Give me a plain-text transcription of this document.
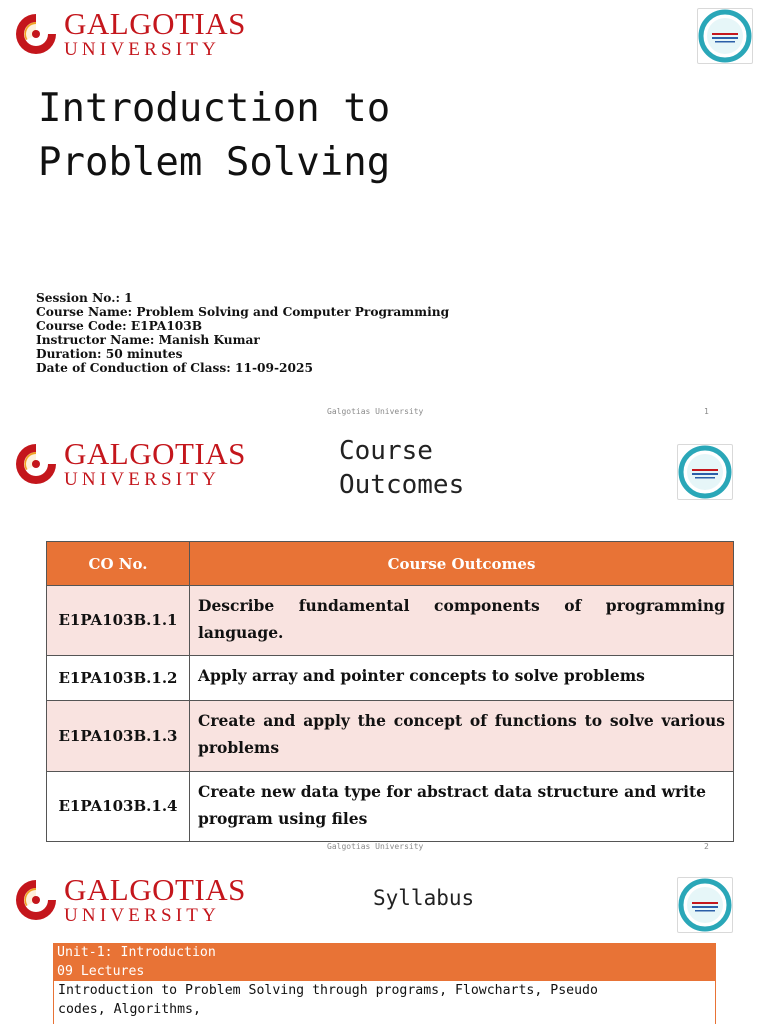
GALGOTIAS
UNIVERSITY
Introduction to
Problem Solving
Session No.: 1
Course Name: Problem Solving and Computer Programming
Course Code: E1PA103B
Instructor Name: Manish Kumar
Duration: 50 minutes
Date of Conduction of Class: 11-09-2025
Galgotias University	1
GALGOTIAS
UNIVERSITY
Course
Outcomes
CO No.	Course Outcomes
E1PA103B.1.1	Describe fundamental components of programming language.
E1PA103B.1.2	Apply array and pointer concepts to solve problems
E1PA103B.1.3	Create and apply the concept of functions to solve various problems
E1PA103B.1.4	Create new data type for abstract data structure and write program using files
Galgotias University	2
GALGOTIAS
UNIVERSITY
Syllabus
Unit-1: Introduction
09 Lectures
Introduction to Problem Solving through programs, Flowcharts, Pseudo
codes, Algorithms,
